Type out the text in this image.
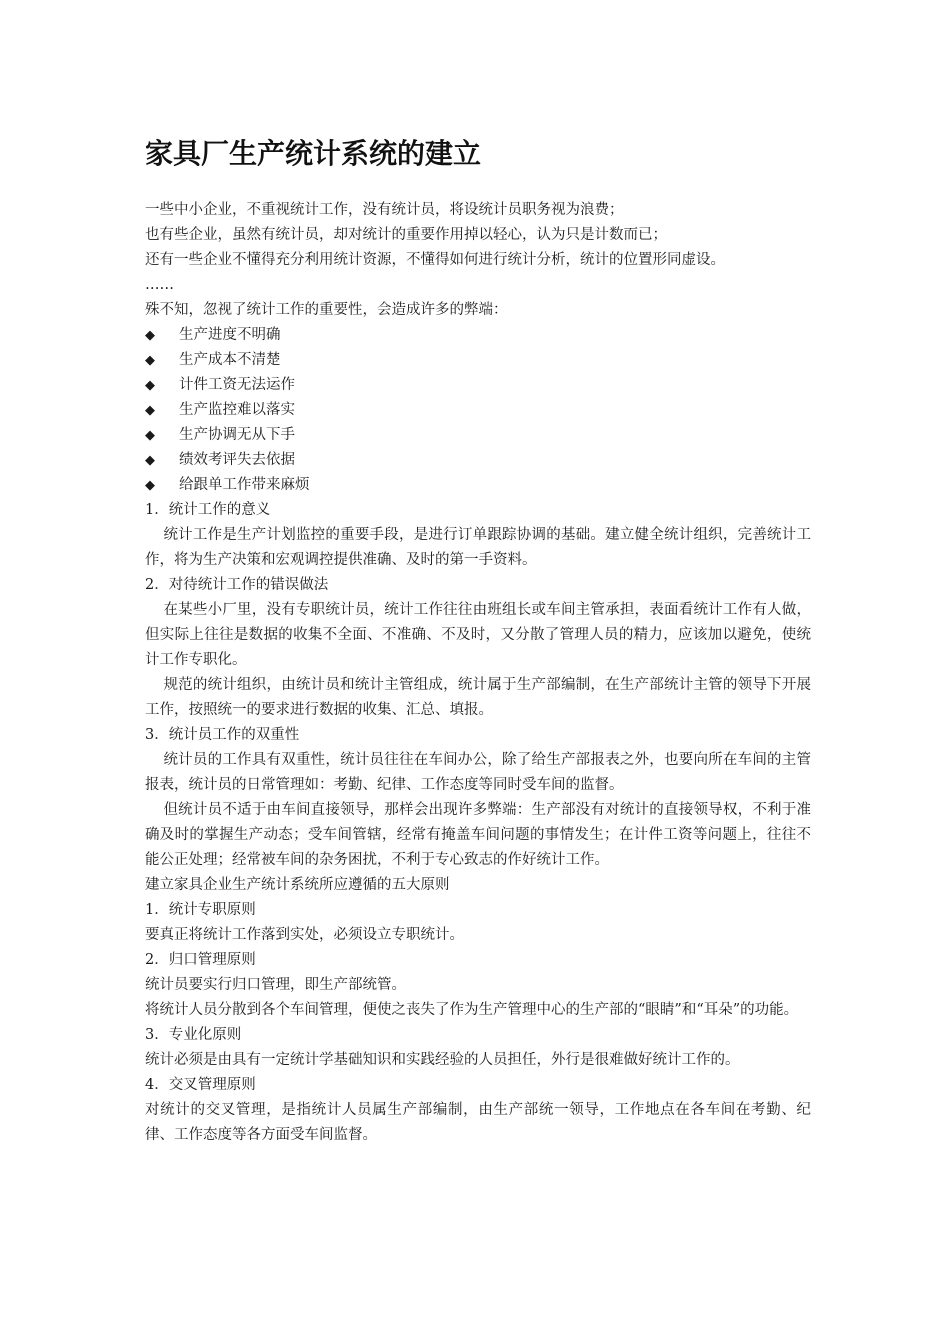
家具厂生产统计系统的建立

一些中小企业，不重视统计工作，没有统计员，将设统计员职务视为浪费；

也有些企业，虽然有统计员，却对统计的重要作用掉以轻心，认为只是计数而已；

还有一些企业不懂得充分利用统计资源，不懂得如何进行统计分析，统计的位置形同虚设。

……

殊不知，忽视了统计工作的重要性，会造成许多的弊端：

◆ 生产进度不明确
◆ 生产成本不清楚
◆ 计件工资无法运作
◆ 生产监控难以落实
◆ 生产协调无从下手
◆ 绩效考评失去依据
◆ 给跟单工作带来麻烦

1．统计工作的意义

统计工作是生产计划监控的重要手段，是进行订单跟踪协调的基础。建立健全统计组织，完善统计工作，将为生产决策和宏观调控提供准确、及时的第一手资料。

2．对待统计工作的错误做法

在某些小厂里，没有专职统计员，统计工作往往由班组长或车间主管承担，表面看统计工作有人做，但实际上往往是数据的收集不全面、不准确、不及时，又分散了管理人员的精力，应该加以避免，使统计工作专职化。

规范的统计组织，由统计员和统计主管组成，统计属于生产部编制，在生产部统计主管的领导下开展工作，按照统一的要求进行数据的收集、汇总、填报。

3．统计员工作的双重性

统计员的工作具有双重性，统计员往往在车间办公，除了给生产部报表之外，也要向所在车间的主管报表，统计员的日常管理如：考勤、纪律、工作态度等同时受车间的监督。

但统计员不适于由车间直接领导，那样会出现许多弊端：生产部没有对统计的直接领导权，不利于准确及时的掌握生产动态；受车间管辖，经常有掩盖车间问题的事情发生；在计件工资等问题上，往往不能公正处理；经常被车间的杂务困扰，不利于专心致志的作好统计工作。

建立家具企业生产统计系统所应遵循的五大原则

1．统计专职原则

要真正将统计工作落到实处，必须设立专职统计。

2．归口管理原则

统计员要实行归口管理，即生产部统管。

将统计人员分散到各个车间管理，便使之丧失了作为生产管理中心的生产部的“眼睛”和“耳朵”的功能。

3．专业化原则

统计必须是由具有一定统计学基础知识和实践经验的人员担任，外行是很难做好统计工作的。

4．交叉管理原则

对统计的交叉管理，是指统计人员属生产部编制，由生产部统一领导，工作地点在各车间在考勤、纪律、工作态度等各方面受车间监督。
